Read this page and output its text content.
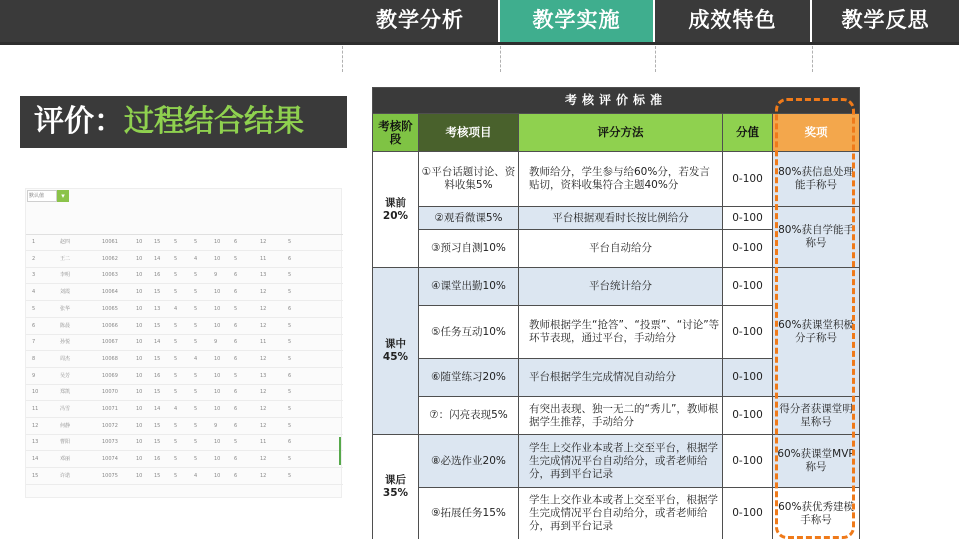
教学分析	教学实施	成效特色	教学反思
评价：过程结合结果
默认值	▾
1	赵四	10061	10 15	5	5	10	6	12	5
2	王二	10062	10 14	5	4	10	5	11	6
3	李明	10063	10 16	5	5	9	6	13	5
4	刘霞	10064	10 15	5	5	10	6	12	5
5	张华	10065	10 13	4	5	10	5	12	6
6	陈晨	10066	10 15	5	5	10	6	12	5
7	孙悦	10067	10 14	5	5	9	6	11	5
8	周杰	10068	10 15	5	4	10	6	12	5
9	吴芳	10069	10 16	5	5	10	5	13	6
10	郑凯	10070	10 15	5	5	10	6	12	5
11	冯雪	10071	10 14	4	5	10	6	12	5
12	何静	10072	10 15	5	5	9	6	12	5
13	曹阳	10073	10 15	5	5	10	5	11	6
14	邓丽	10074	10 16	5	5	10	6	12	5
15	许诺	10075	10 15	5	4	10	6	12	5
考核评价标准				
考核阶段	考核项目	评分方法	分值	奖项
课前20%	①平台话题讨论、资料收集5%	教师给分，学生参与给60%分，若发言贴切，资料收集符合主题40%分	0-100	80%获信息处理能手称号
	②观看微课5%	平台根据观看时长按比例给分	0-100	80%获自学能手称号
	③预习自测10%	平台自动给分	0-100	
课中45%	④课堂出勤10%	平台统计给分	0-100	60%获课堂积极分子称号
	⑤任务互动10%	教师根据学生“抢答”、“投票”、“讨论”等环节表现，通过平台，手动给分	0-100	
	⑥随堂练习20%	平台根据学生完成情况自动给分	0-100	
	⑦：闪亮表现5%	有突出表现、独一无二的“秀儿”，教师根据学生推荐，手动给分	0-100	得分者获课堂明星称号
课后35%	⑧必选作业20%	学生上交作业本或者上交至平台，根据学生完成情况平台自动给分，或者老师给分，再到平台记录	0-100	60%获课堂MVP称号
	⑨拓展任务15%	学生上交作业本或者上交至平台，根据学生完成情况平台自动给分，或者老师给分，再到平台记录	0-100	60%获优秀建模手称号
